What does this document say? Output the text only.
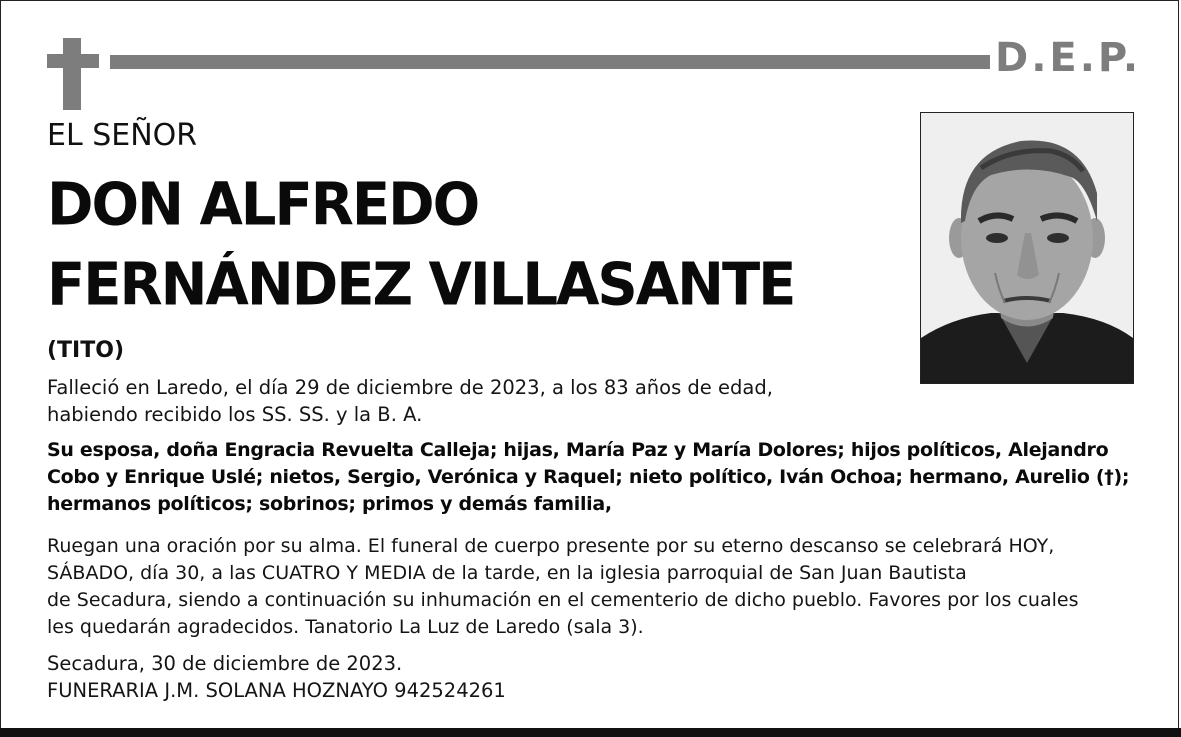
D.E.P.
EL SEÑOR
DON ALFREDO
FERNÁNDEZ VILLASANTE
(TITO)
Falleció en Laredo, el día 29 de diciembre de 2023, a los 83 años de edad,
habiendo recibido los SS. SS. y la B. A.
Su esposa, doña Engracia Revuelta Calleja; hijas, María Paz y María Dolores; hijos políticos, Alejandro
Cobo y Enrique Uslé; nietos, Sergio, Verónica y Raquel; nieto político, Iván Ochoa; hermano, Aurelio (†);
hermanos políticos; sobrinos; primos y demás familia,
Ruegan una oración por su alma. El funeral de cuerpo presente por su eterno descanso se celebrará HOY,
SÁBADO, día 30, a las CUATRO Y MEDIA de la tarde, en la iglesia parroquial de San Juan Bautista
de Secadura, siendo a continuación su inhumación en el cementerio de dicho pueblo. Favores por los cuales
les quedarán agradecidos. Tanatorio La Luz de Laredo (sala 3).
Secadura, 30 de diciembre de 2023.
FUNERARIA J.M. SOLANA HOZNAYO 942524261
